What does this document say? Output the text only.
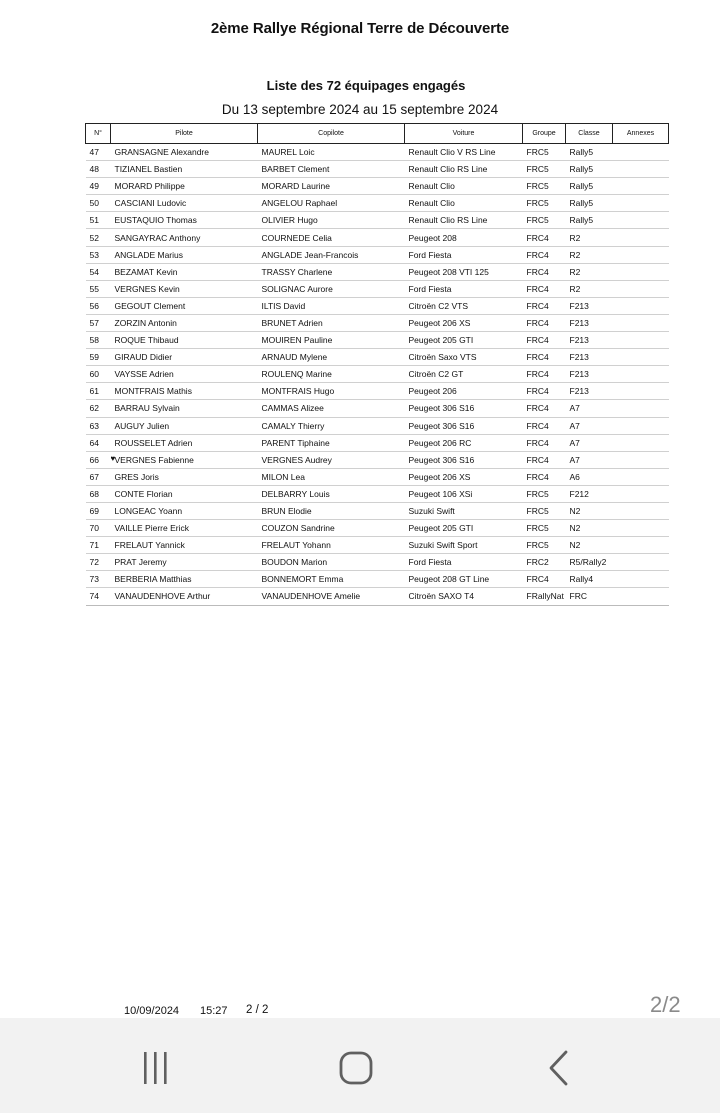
2ème Rallye Régional Terre de Découverte
Liste des 72 équipages engagés
Du 13 septembre 2024 au 15 septembre 2024
N°	Pilote	Copilote	Voiture	Groupe	Classe	Annexes
47	GRANSAGNE Alexandre	MAUREL Loic	Renault Clio V RS Line	FRC5	Rally5	
48	TIZIANEL Bastien	BARBET Clement	Renault Clio RS Line	FRC5	Rally5	
49	MORARD Philippe	MORARD Laurine	Renault Clio	FRC5	Rally5	
50	CASCIANI Ludovic	ANGELOU Raphael	Renault Clio	FRC5	Rally5	
51	EUSTAQUIO Thomas	OLIVIER Hugo	Renault Clio RS Line	FRC5	Rally5	
52	SANGAYRAC Anthony	COURNEDE Celia	Peugeot 208	FRC4	R2	
53	ANGLADE Marius	ANGLADE Jean-Francois	Ford Fiesta	FRC4	R2	
54	BEZAMAT Kevin	TRASSY Charlene	Peugeot 208 VTI 125	FRC4	R2	
55	VERGNES Kevin	SOLIGNAC Aurore	Ford Fiesta	FRC4	R2	
56	GEGOUT Clement	ILTIS David	Citroën C2 VTS	FRC4	F213	
57	ZORZIN Antonin	BRUNET Adrien	Peugeot 206 XS	FRC4	F213	
58	ROQUE Thibaud	MOUIREN Pauline	Peugeot 205 GTI	FRC4	F213	
59	GIRAUD Didier	ARNAUD Mylene	Citroën Saxo VTS	FRC4	F213	
60	VAYSSE Adrien	ROULENQ Marine	Citroën C2 GT	FRC4	F213	
61	MONTFRAIS Mathis	MONTFRAIS Hugo	Peugeot 206	FRC4	F213	
62	BARRAU Sylvain	CAMMAS Alizee	Peugeot 306 S16	FRC4	A7	
63	AUGUY Julien	CAMALY Thierry	Peugeot 306 S16	FRC4	A7	
64	ROUSSELET Adrien	PARENT Tiphaine	Peugeot 206 RC	FRC4	A7	
66	♥ VERGNES Fabienne	VERGNES Audrey	Peugeot 306 S16	FRC4	A7	
67	GRES Joris	MILON Lea	Peugeot 206 XS	FRC4	A6	
68	CONTE Florian	DELBARRY Louis	Peugeot 106 XSi	FRC5	F212	
69	LONGEAC Yoann	BRUN Elodie	Suzuki Swift	FRC5	N2	
70	VAILLE Pierre Erick	COUZON Sandrine	Peugeot 205 GTI	FRC5	N2	
71	FRELAUT Yannick	FRELAUT Yohann	Suzuki Swift Sport	FRC5	N2	
72	PRAT Jeremy	BOUDON Marion	Ford Fiesta	FRC2	R5/Rally2	
73	BERBERIA Matthias	BONNEMORT Emma	Peugeot 208 GT Line	FRC4	Rally4	
74	VANAUDENHOVE Arthur	VANAUDENHOVE Amelie	Citroën SAXO T4	FRallyNat	FRC	
10/09/2024 15:27 2 / 2	2/2
